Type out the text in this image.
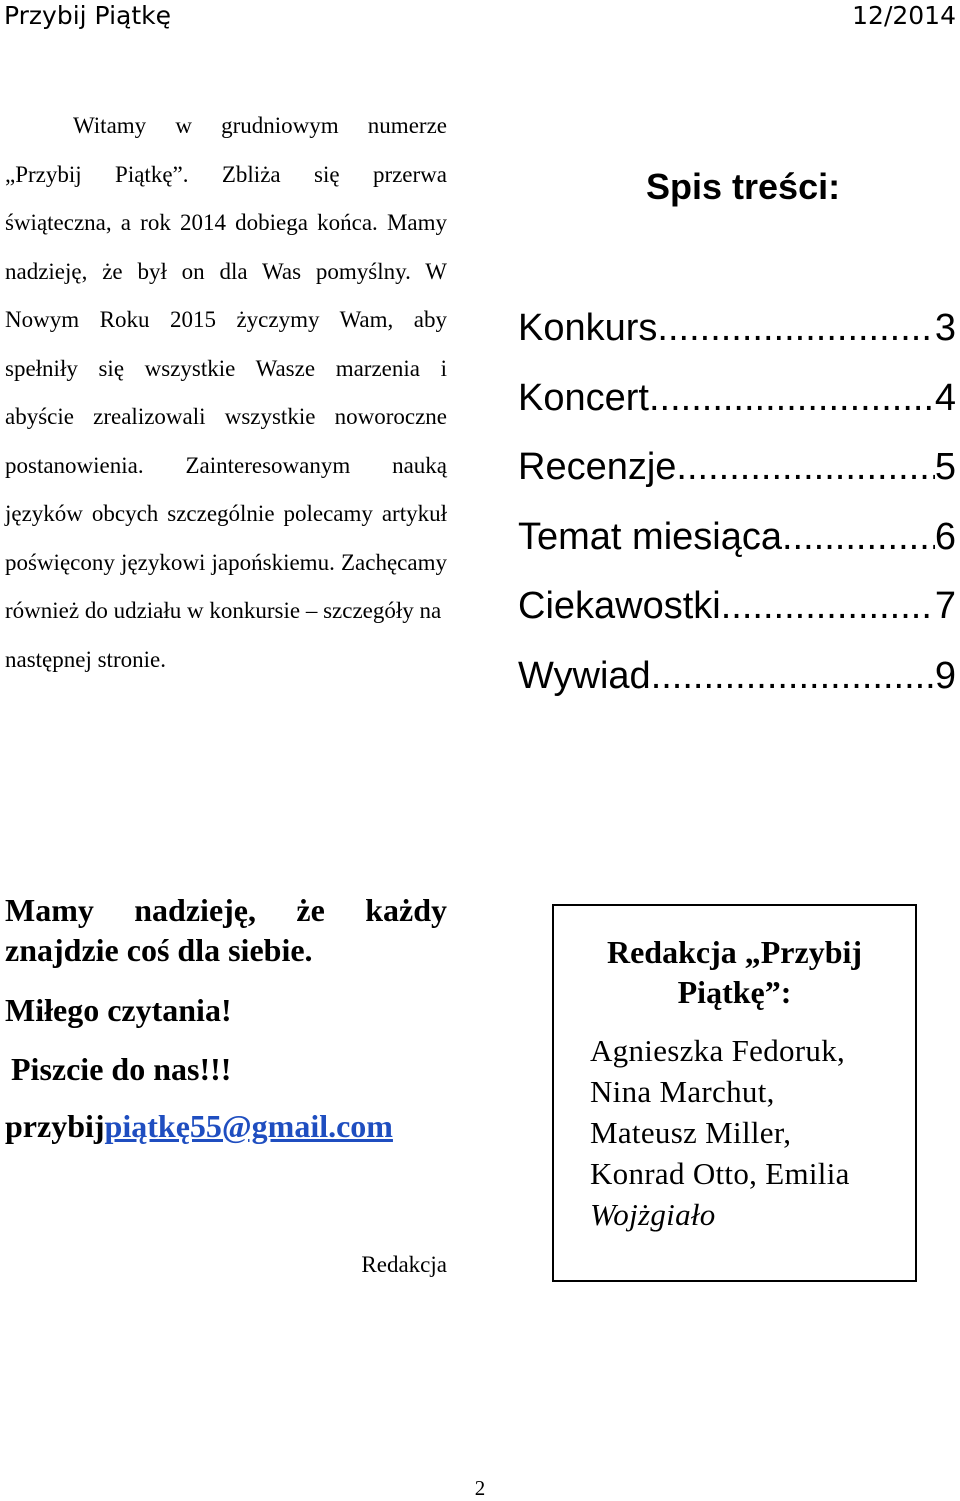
Przybij Piątkę	12/2014

Witamy w grudniowym numerze „Przybij Piątkę”. Zbliża się przerwa świąteczna, a rok 2014 dobiega końca. Mamy nadzieję, że był on dla Was pomyślny. W Nowym Roku 2015 życzymy Wam, aby spełniły się wszystkie Wasze marzenia i abyście zrealizowali wszystkie noworoczne postanowienia. Zainteresowanym nauką języków obcych szczególnie polecamy artykuł poświęcony językowi japońskiemu. Zachęcamy również do udziału w konkursie – szczegóły na

następnej stronie.

Spis treści:
Konkurs .....	3
Koncert .....	4
Recenzje .....	5
Temat miesiąca .....	6
Ciekawostki .....	7
Wywiad .....	9

Mamy nadzieję, że każdy znajdzie coś dla siebie.

Miłego czytania!

Piszcie do nas!!!

przybijpiątkę55@gmail.com

Redakcja
Redakcja „Przybij
Piątkę”:
Agnieszka Fedoruk,
Nina Marchut,
Mateusz Miller,
Konrad Otto, Emilia
Wojżgiało
2
